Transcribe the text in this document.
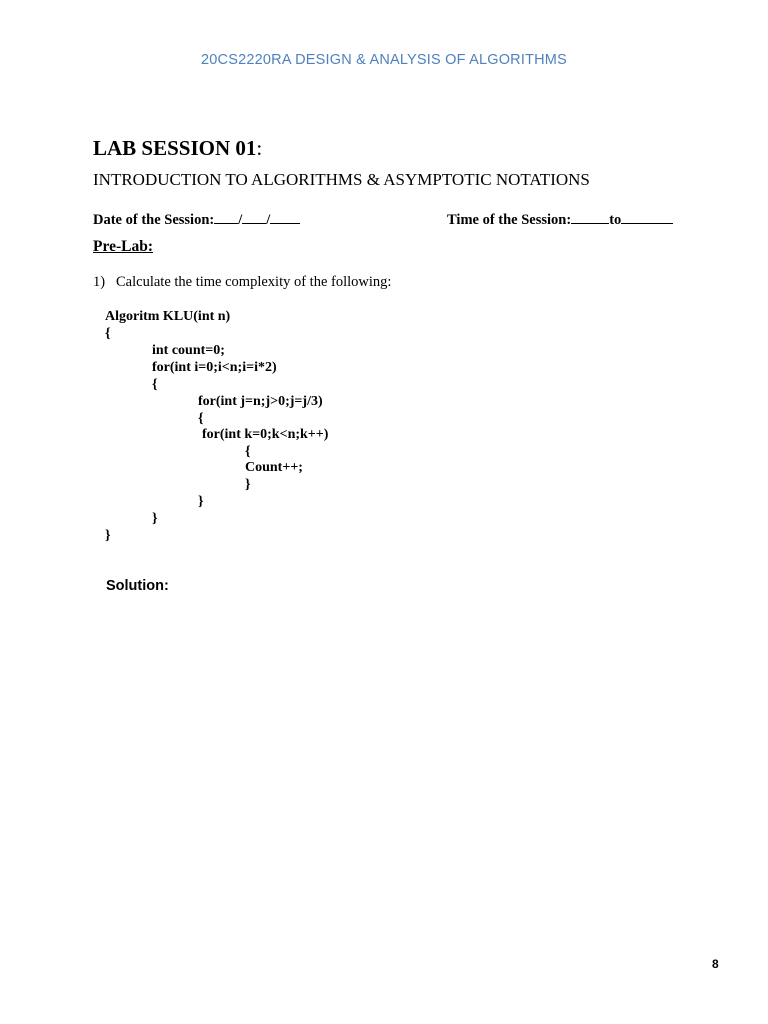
20CS2220RA DESIGN & ANALYSIS OF ALGORITHMS
LAB SESSION 01:
INTRODUCTION TO ALGORITHMS & ASYMPTOTIC NOTATIONS
Date of the Session: / /	Time of the Session:	to
Pre-Lab:
1) Calculate the time complexity of the following:
Algoritm KLU(int n)
{
int count=0;
for(int i=0;i<n;i=i*2)
{
for(int j=n;j>0;j=j/3)
{
for(int k=0;k<n;k++)
{
Count++;
}
}
}
}
Solution:
8
